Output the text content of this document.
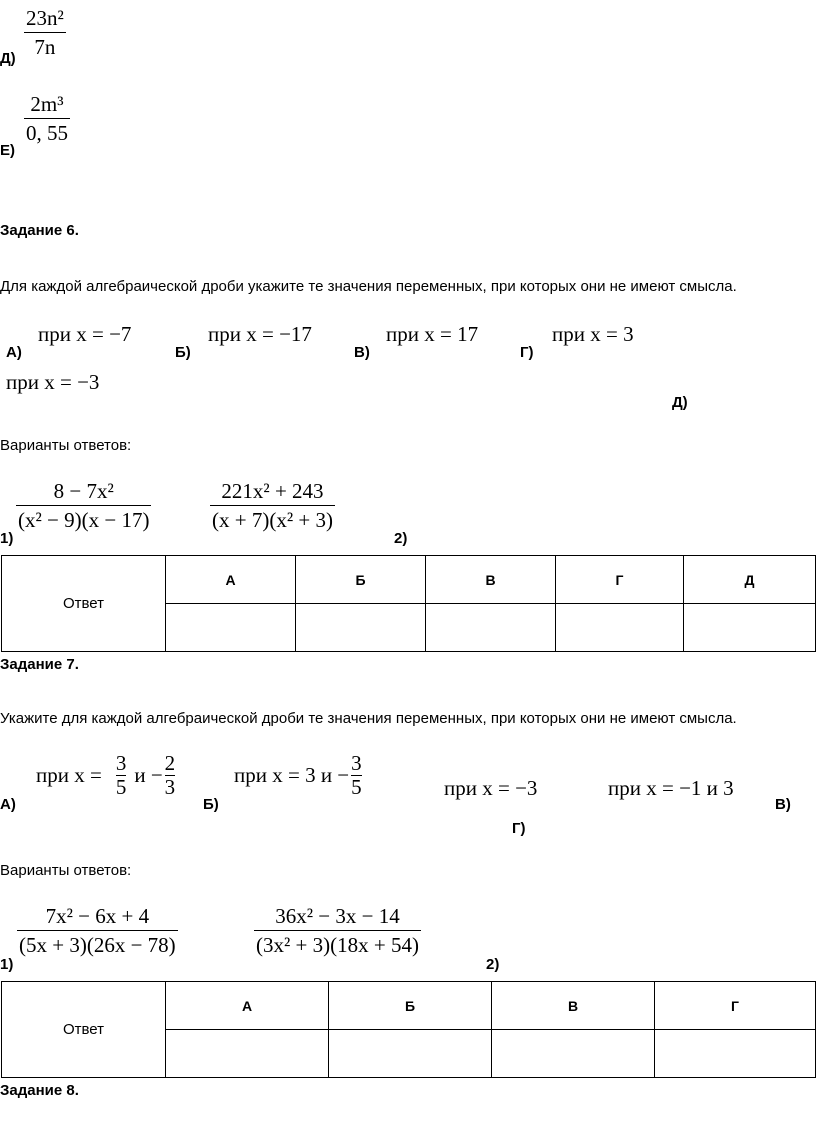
23n²
7n
Д)
2m³
0, 55
Е)
Задание 6.
Для каждой алгебраической дроби укажите те значения переменных, при которых они не имеют смысла.
при x = −7
А)
при x = −17
Б)
при x = 17
В)
при x = 3
Г)
при x = −3
Д)
Варианты ответов:
8 − 7x²
(x² − 9)(x − 17)
1)
221x² + 243
(x + 7)(x² + 3)
2)
Ответ	А	Б	В	Г	Д

Задание 7.
Укажите для каждой алгебраической дроби те значения переменных, при которых они не имеют смысла.
при $x = \frac{3}{5}$ $и - \frac{2}{3}$
А)
при x = 3 $и - \frac{3}{5}$
Б)
при x = −3
В)
при x = −1 и 3
Г)
Варианты ответов:
7x² − 6x + 4
(5x + 3)(26x − 78)
1)
36x² − 3x − 14
(3x² + 3)(18x + 54)
2)
Ответ	А	Б	В	Г

Задание 8.
